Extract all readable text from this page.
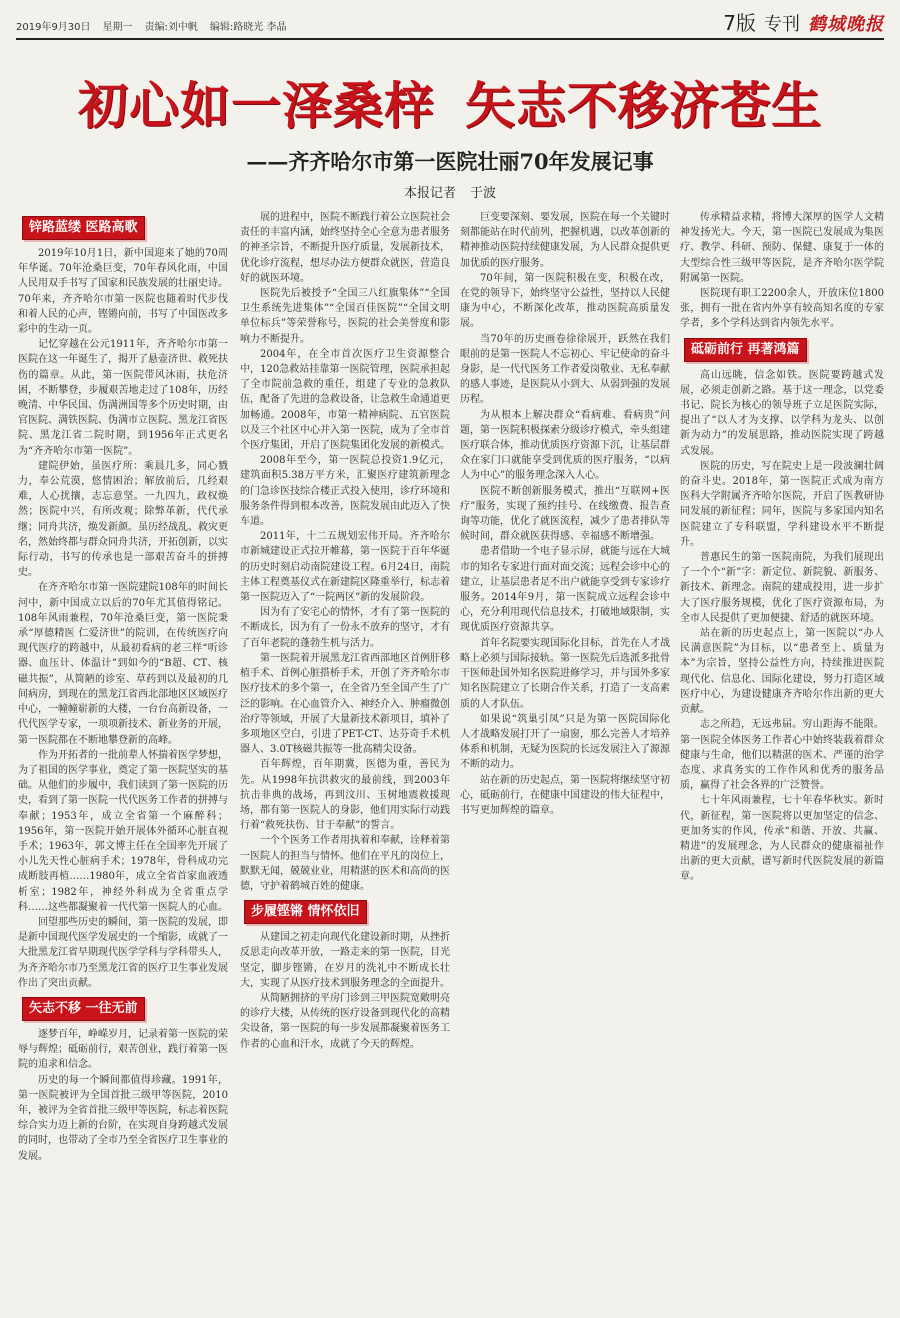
2019年9月30日 星期一 责编:刘中帆 编辑:路晓光 李晶	7版 专刊 鹤城晚报
初心如一泽桑梓 矢志不移济苍生
——齐齐哈尔市第一医院壮丽70年发展记事
本报记者 于波
锌路蓝缕 医路高歌

2019年10月1日，新中国迎来了她的70周年华诞。70年沧桑巨变，70年春风化雨，中国人民用双手书写了国家和民族发展的壮丽史诗。70年来，齐齐哈尔市第一医院也随着时代步伐和着人民的心声，铿锵向前，书写了中国医改多彩中的生动一页。

记忆穿越在公元1911年，齐齐哈尔市第一医院在这一年诞生了，揭开了悬壶济世、救死扶伤的篇章。从此，第一医院带风沐雨，扶危济困，不断攀登，步履艰苦地走过了108年，历经晚清、中华民国、伪满洲国等多个历史时期，由官医院、满铁医院、伪满市立医院、黑龙江省医院、黑龙江省二院时期，到1956年正式更名为“齐齐哈尔市第一医院”。

建院伊始，虽医疗所：乘晨几多，同心戮力，奉公荒漠，悠情困治；解放前后，几经艰难，人心扰攘，志忘意坚。一九四九，政权焕然；医院中兴，有所改观；除弊革新，代代承继；同舟共济，焕发新颜。虽历经战乱、救灾更名，然始终都与群众同舟共济，开拓创新，以实际行动，书写的传承也是一部艰苦奋斗的拼搏史。

在齐齐哈尔市第一医院建院108年的时间长河中，新中国成立以后的70年尤其值得铭记。108年风雨兼程，70年沧桑巨变，第一医院秉承“厚德精医 仁爱济世”的院训，在传统医疗向现代医疗的跨越中，从最初看病的老三样“听诊器、血压计、体温计”到如今的“B超、CT、核磁共振”，从简陋的诊室、草药到以及最初的几间病房，到现在的黑龙江省西北部地区区域医疗中心，一幢幢崭新的大楼，一台台高新设备，一代代医学专家，一项项新技术、新业务的开展，第一医院都在不断地攀登新的高峰。

作为开拓者的一批前辈人怀揣着医学梦想，为了祖国的医学事业，奠定了第一医院坚实的基础。从他们的步履中，我们读到了第一医院的历史，看到了第一医院一代代医务工作者的拼搏与奉献；1953年，成立全省第一个麻醉科；1956年，第一医院开始开展体外循环心脏直视手术；1963年，郭文博主任在全国率先开展了小儿先天性心脏病手术；1978年，骨科成功完成断肢再植……1980年，成立全省首家血液透析室；1982年，神经外科成为全省重点学科……这些都凝聚着一代代第一医院人的心血。

回望那些历史的瞬间，第一医院的发展，即是新中国现代医学发展史的一个缩影，成就了一大批黑龙江省早期现代医学学科与学科带头人，为齐齐哈尔市乃至黑龙江省的医疗卫生事业发展作出了突出贡献。

矢志不移 一往无前

逐梦百年，峥嵘岁月，记录着第一医院的荣辱与辉煌；砥砺前行，艰苦创业，践行着第一医院的追求和信念。

历史的每一个瞬间都值得珍藏。1991年，第一医院被评为全国首批三级甲等医院，2010年，被评为全省首批三级甲等医院，标志着医院综合实力迈上新的台阶，在实现自身跨越式发展的同时，也带动了全市乃至全省医疗卫生事业的发展。

展的进程中，医院不断践行着公立医院社会责任的丰富内涵，始终坚持全心全意为患者服务的神圣宗旨，不断提升医疗质量，发展新技术，优化诊疗流程，想尽办法方便群众就医，营造良好的就医环境。

医院先后被授予“全国三八红旗集体”“全国卫生系统先进集体”“全国百佳医院”“全国文明单位标兵”等荣誉称号，医院的社会美誉度和影响力不断提升。

2004年，在全市首次医疗卫生资源整合中，120急救站挂靠第一医院管理，医院承担起了全市院前急救的重任，组建了专业的急救队伍，配备了先进的急救设备，让急救生命通道更加畅通。2008年，市第一精神病院、五官医院以及三个社区中心并入第一医院，成为了全市首个医疗集团，开启了医院集团化发展的新模式。

2008年至今，第一医院总投资1.9亿元，建筑面积5.38万平方米，汇聚医疗建筑新理念的门急诊医技综合楼正式投入使用，诊疗环境和服务条件得到根本改善，医院发展由此迈入了快车道。

2011年，十二五规划宏伟开局。齐齐哈尔市新城建设正式拉开帷幕，第一医院于百年华诞的历史时刻启动南院建设工程。6月24日，南院主体工程奠基仪式在新建院区隆重举行，标志着第一医院迈入了“一院两区”新的发展阶段。

因为有了安宅心的情怀，才有了第一医院的不断成长，因为有了一份永不放弃的坚守，才有了百年老院的蓬勃生机与活力。

第一医院着开展黑龙江省西部地区首例肝移植手术、首例心脏搭桥手术，开创了齐齐哈尔市医疗技术的多个第一，在全省乃至全国产生了广泛的影响。在心血管介入、神经介入、肿瘤微创治疗等领域，开展了大量新技术新项目，填补了多项地区空白，引进了PET-CT、达芬奇手术机器人、3.0T核磁共振等一批高精尖设备。

百年辉煌，百年期冀，医德为重，善民为先。从1998年抗洪救灾的最前线，到2003年抗击非典的战场，再到汶川、玉树地震救援现场，都有第一医院人的身影，他们用实际行动践行着“救死扶伤、甘于奉献”的誓言。

一个个医务工作者用执着和奉献，诠释着第一医院人的担当与情怀。他们在平凡的岗位上，默默无闻，兢兢业业，用精湛的医术和高尚的医德，守护着鹤城百姓的健康。

步履铿锵 情怀依旧

从建国之初走向现代化建设新时期，从挫折反思走向改革开放，一路走来的第一医院，目光坚定，脚步铿锵，在岁月的洗礼中不断成长壮大，实现了从医疗技术到服务理念的全面提升。

从简陋拥挤的平房门诊到三甲医院宽敞明亮的诊疗大楼，从传统的医疗设备到现代化的高精尖设备，第一医院的每一步发展都凝聚着医务工作者的心血和汗水，成就了今天的辉煌。

巨变要深刻、要发展，医院在每一个关键时刻都能站在时代前列，把握机遇，以改革创新的精神推动医院持续健康发展，为人民群众提供更加优质的医疗服务。

70年间，第一医院积极在变，积极在改，在党的领导下，始终坚守公益性，坚持以人民健康为中心，不断深化改革，推动医院高质量发展。

当70年的历史画卷徐徐展开，跃然在我们眼前的是第一医院人不忘初心、牢记使命的奋斗身影，是一代代医务工作者爱岗敬业、无私奉献的感人事迹，是医院从小到大、从弱到强的发展历程。

为从根本上解决群众“看病难、看病贵”问题，第一医院积极探索分级诊疗模式，牵头组建医疗联合体，推动优质医疗资源下沉，让基层群众在家门口就能享受到优质的医疗服务，“以病人为中心”的服务理念深入人心。

医院不断创新服务模式，推出“互联网+医疗”服务，实现了预约挂号、在线缴费、报告查询等功能，优化了就医流程，减少了患者排队等候时间，群众就医获得感、幸福感不断增强。

患者借助一个电子显示屏，就能与远在大城市的知名专家进行面对面交流；远程会诊中心的建立，让基层患者足不出户就能享受到专家诊疗服务。2014年9月，第一医院成立远程会诊中心，充分利用现代信息技术，打破地域限制，实现优质医疗资源共享。

首年名院要实现国际化目标，首先在人才战略上必须与国际接轨。第一医院先后选派多批骨干医师赴国外知名医院进修学习，并与国外多家知名医院建立了长期合作关系，打造了一支高素质的人才队伍。

如果说“筑巢引凤”只是为第一医院国际化人才战略发展打开了一扇窗，那么完善人才培养体系和机制，无疑为医院的长远发展注入了源源不断的动力。

站在新的历史起点，第一医院将继续坚守初心，砥砺前行，在健康中国建设的伟大征程中，书写更加辉煌的篇章。

传承精益求精，将博大深厚的医学人文精神发扬光大。今天，第一医院已发展成为集医疗、教学、科研、预防、保健、康复于一体的大型综合性三级甲等医院，是齐齐哈尔医学院附属第一医院。

医院现有职工2200余人，开放床位1800张，拥有一批在省内外享有较高知名度的专家学者，多个学科达到省内领先水平。

砥砺前行 再著鸿篇

高山远眺，信念如铁。医院要跨越式发展，必须走创新之路。基于这一理念，以党委书记、院长为核心的领导班子立足医院实际，提出了“以人才为支撑、以学科为龙头、以创新为动力”的发展思路，推动医院实现了跨越式发展。

医院的历史，写在院史上是一段波澜壮阔的奋斗史。2018年，第一医院正式成为南方医科大学附属齐齐哈尔医院，开启了医教研协同发展的新征程；同年，医院与多家国内知名医院建立了专科联盟，学科建设水平不断提升。

普惠民生的第一医院南院，为我们展现出了一个个“新”字：新定位、新院貌、新服务、新技术、新理念。南院的建成投用，进一步扩大了医疗服务规模，优化了医疗资源布局，为全市人民提供了更加便捷、舒适的就医环境。

站在新的历史起点上，第一医院以“办人民满意医院”为目标，以“患者至上、质量为本”为宗旨，坚持公益性方向，持续推进医院现代化、信息化、国际化建设，努力打造区域医疗中心，为建设健康齐齐哈尔作出新的更大贡献。

志之所趋，无远弗届。穷山距海不能限。第一医院全体医务工作者心中始终装载着群众健康与生命，他们以精湛的医术、严谨的治学态度、求真务实的工作作风和优秀的服务品质，赢得了社会各界的广泛赞誉。

七十年风雨兼程，七十年春华秋实。新时代，新征程，第一医院将以更加坚定的信念、更加务实的作风，传承“和谐、开放、共赢、精进”的发展理念，为人民群众的健康福祉作出新的更大贡献，谱写新时代医院发展的新篇章。
